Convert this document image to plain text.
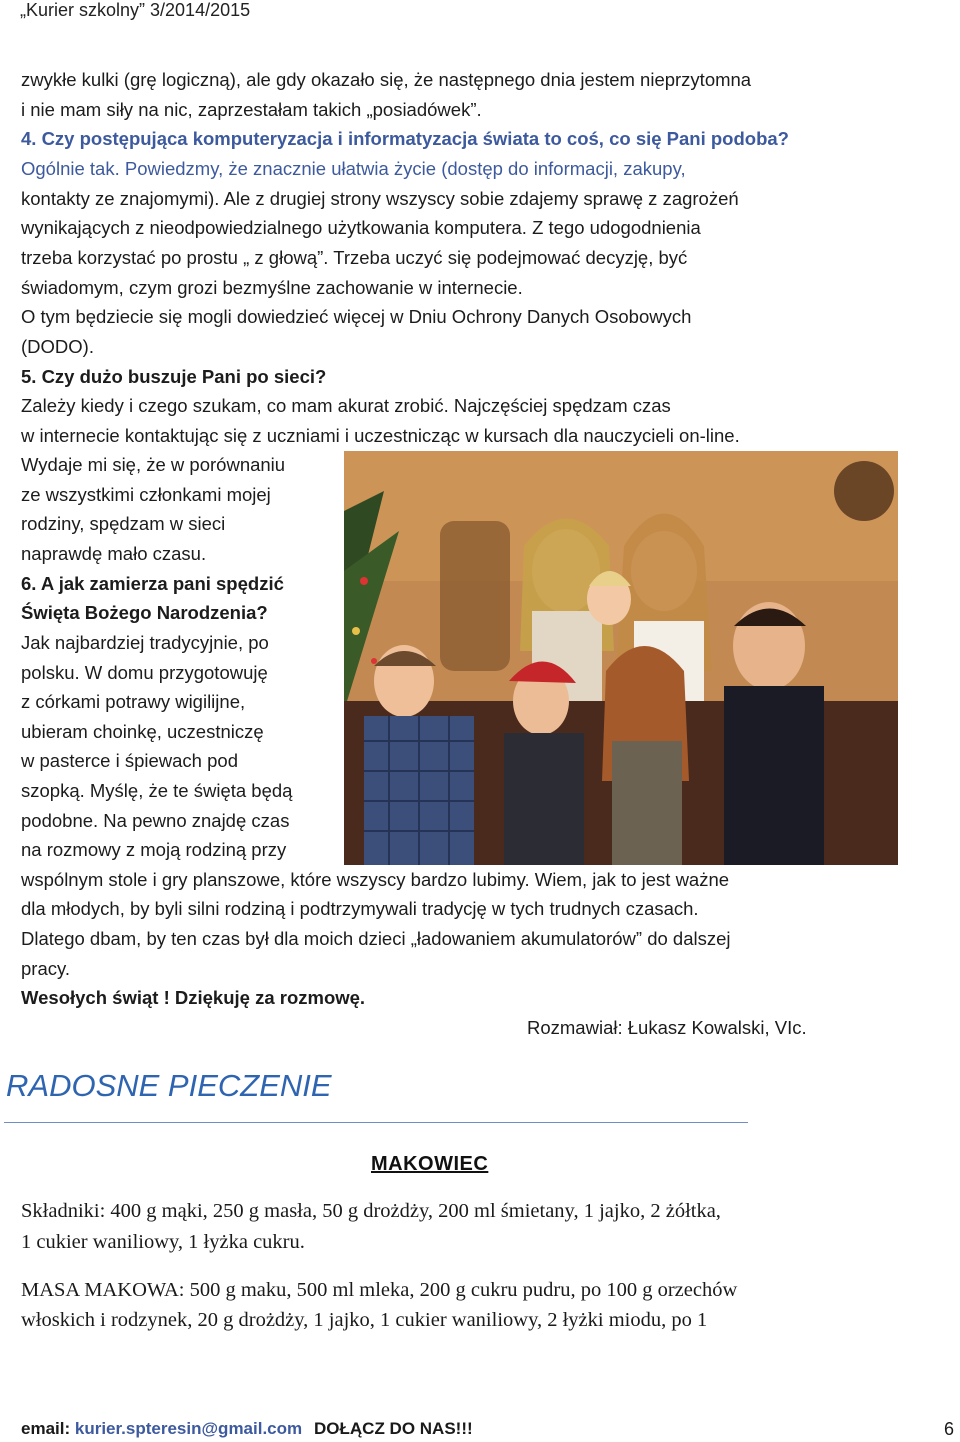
„Kurier szkolny” 3/2014/2015
zwykłe kulki (grę logiczną), ale gdy okazało się, że następnego dnia jestem nieprzytomna
i nie mam siły na nic, zaprzestałam takich „posiadówek”.
4. Czy postępująca komputeryzacja i informatyzacja świata to coś, co się Pani podoba?
Ogólnie tak. Powiedzmy, że znacznie ułatwia życie (dostęp do informacji, zakupy,
kontakty ze znajomymi). Ale z drugiej strony wszyscy sobie zdajemy sprawę z zagrożeń
wynikających z nieodpowiedzialnego użytkowania komputera. Z tego udogodnienia
trzeba korzystać po prostu „ z głową”. Trzeba uczyć się podejmować decyzję, być
świadomym, czym grozi bezmyślne zachowanie w internecie.
O tym będziecie się mogli dowiedzieć więcej w Dniu Ochrony Danych Osobowych
(DODO).
5. Czy dużo buszuje Pani po sieci?
Zależy kiedy i czego szukam, co mam akurat zrobić. Najczęściej spędzam czas
w internecie kontaktując się z uczniami i uczestnicząc w kursach dla nauczycieli on-line.
Wydaje mi się, że w porównaniu
ze wszystkimi członkami mojej
rodziny, spędzam w sieci
naprawdę mało czasu.
6. A jak zamierza pani spędzić
Święta Bożego Narodzenia?
Jak najbardziej tradycyjnie, po
polsku. W domu przygotowuję
z córkami potrawy wigilijne,
ubieram choinkę, uczestniczę
w pasterce i śpiewach pod
szopką. Myślę, że te święta będą
podobne. Na pewno znajdę czas
na rozmowy z moją rodziną przy
wspólnym stole i gry planszowe, które wszyscy bardzo lubimy. Wiem, jak to jest ważne
dla młodych, by byli silni rodziną i podtrzymywali tradycję w tych trudnych czasach.
Dlatego dbam, by ten czas był dla moich dzieci „ładowaniem akumulatorów” do dalszej
pracy.
Wesołych świąt ! Dziękuję za rozmowę.
Rozmawiał: Łukasz Kowalski, VIc.
RADOSNE PIECZENIE
MAKOWIEC
Składniki: 400 g mąki, 250 g masła, 50 g drożdży, 200 ml śmietany, 1 jajko, 2 żółtka,
1 cukier waniliowy, 1 łyżka cukru.
MASA MAKOWA: 500 g maku, 500 ml mleka, 200 g cukru pudru, po 100 g orzechów
włoskich i rodzynek, 20 g drożdży, 1 jajko, 1 cukier waniliowy, 2 łyżki miodu, po 1
email: kurier.spteresin@gmail.com DOŁĄCZ DO NAS!!!	6
